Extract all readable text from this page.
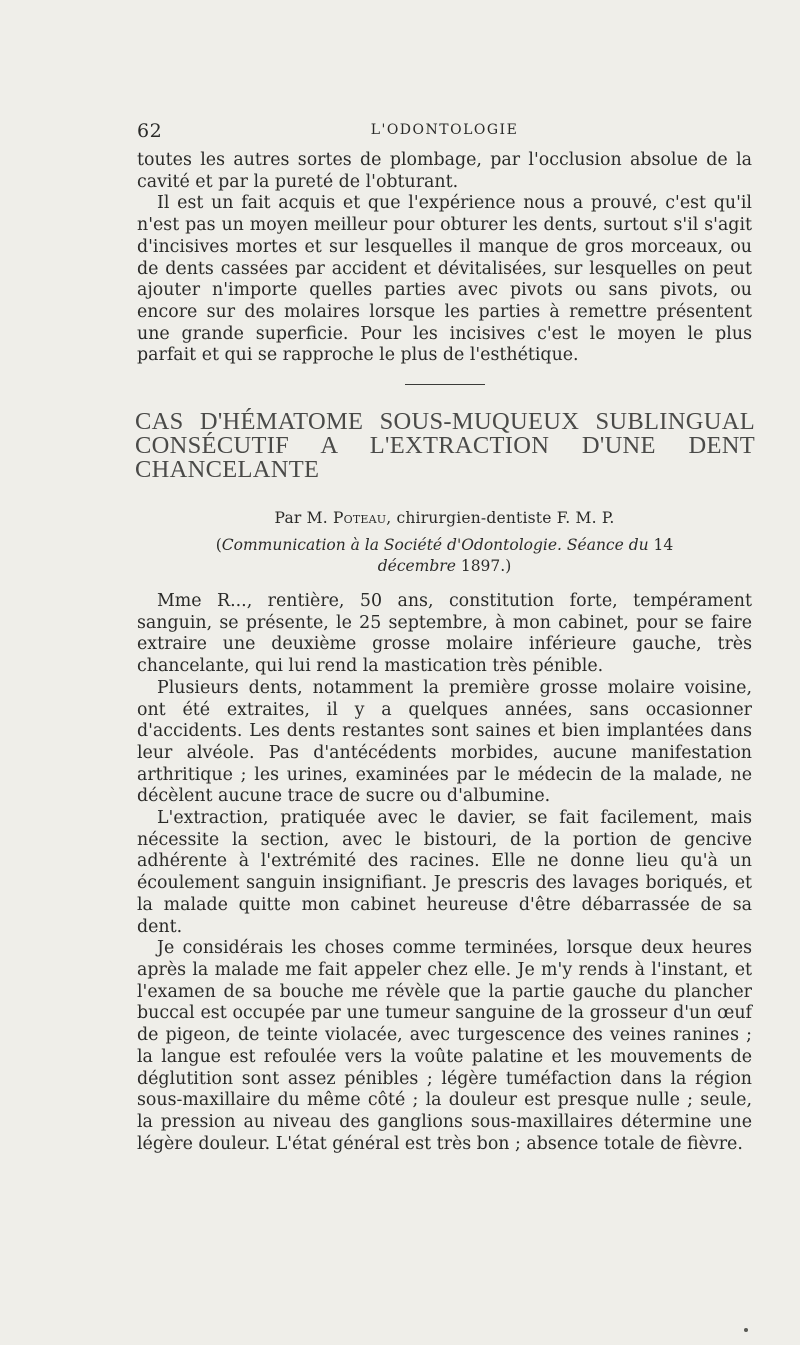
62	L'ODONTOLOGIE

toutes les autres sortes de plombage, par l'occlusion absolue de la cavité et par la pureté de l'obturant.

Il est un fait acquis et que l'expérience nous a prouvé, c'est qu'il n'est pas un moyen meilleur pour obturer les dents, surtout s'il s'agit d'incisives mortes et sur lesquelles il manque de gros morceaux, ou de dents cassées par accident et dévitalisées, sur lesquelles on peut ajouter n'importe quelles parties avec pivots ou sans pivots, ou encore sur des molaires lorsque les parties à remettre présentent une grande superficie. Pour les incisives c'est le moyen le plus parfait et qui se rapproche le plus de l'esthétique.

CAS D'HÉMATOME SOUS-MUQUEUX SUBLINGUAL CONSÉCUTIF A L'EXTRACTION D'UNE DENT CHANCELANTE
Par M. Poteau, chirurgien-dentiste F. M. P.
(Communication à la Société d'Odontologie. Séance du 14 décembre 1897.)

Mme R..., rentière, 50 ans, constitution forte, tempérament sanguin, se présente, le 25 septembre, à mon cabinet, pour se faire extraire une deuxième grosse molaire inférieure gauche, très chancelante, qui lui rend la mastication très pénible.

Plusieurs dents, notamment la première grosse molaire voisine, ont été extraites, il y a quelques années, sans occasionner d'accidents. Les dents restantes sont saines et bien implantées dans leur alvéole. Pas d'antécédents morbides, aucune manifestation arthritique ; les urines, examinées par le médecin de la malade, ne décèlent aucune trace de sucre ou d'albumine.

L'extraction, pratiquée avec le davier, se fait facilement, mais nécessite la section, avec le bistouri, de la portion de gencive adhérente à l'extrémité des racines. Elle ne donne lieu qu'à un écoulement sanguin insignifiant. Je prescris des lavages boriqués, et la malade quitte mon cabinet heureuse d'être débarrassée de sa dent.

Je considérais les choses comme terminées, lorsque deux heures après la malade me fait appeler chez elle. Je m'y rends à l'instant, et l'examen de sa bouche me révèle que la partie gauche du plancher buccal est occupée par une tumeur sanguine de la grosseur d'un œuf de pigeon, de teinte violacée, avec turgescence des veines ranines ; la langue est refoulée vers la voûte palatine et les mouvements de déglutition sont assez pénibles ; légère tuméfaction dans la région sous-maxillaire du même côté ; la douleur est presque nulle ; seule, la pression au niveau des ganglions sous-maxillaires détermine une légère douleur. L'état général est très bon ; absence totale de fièvre.
